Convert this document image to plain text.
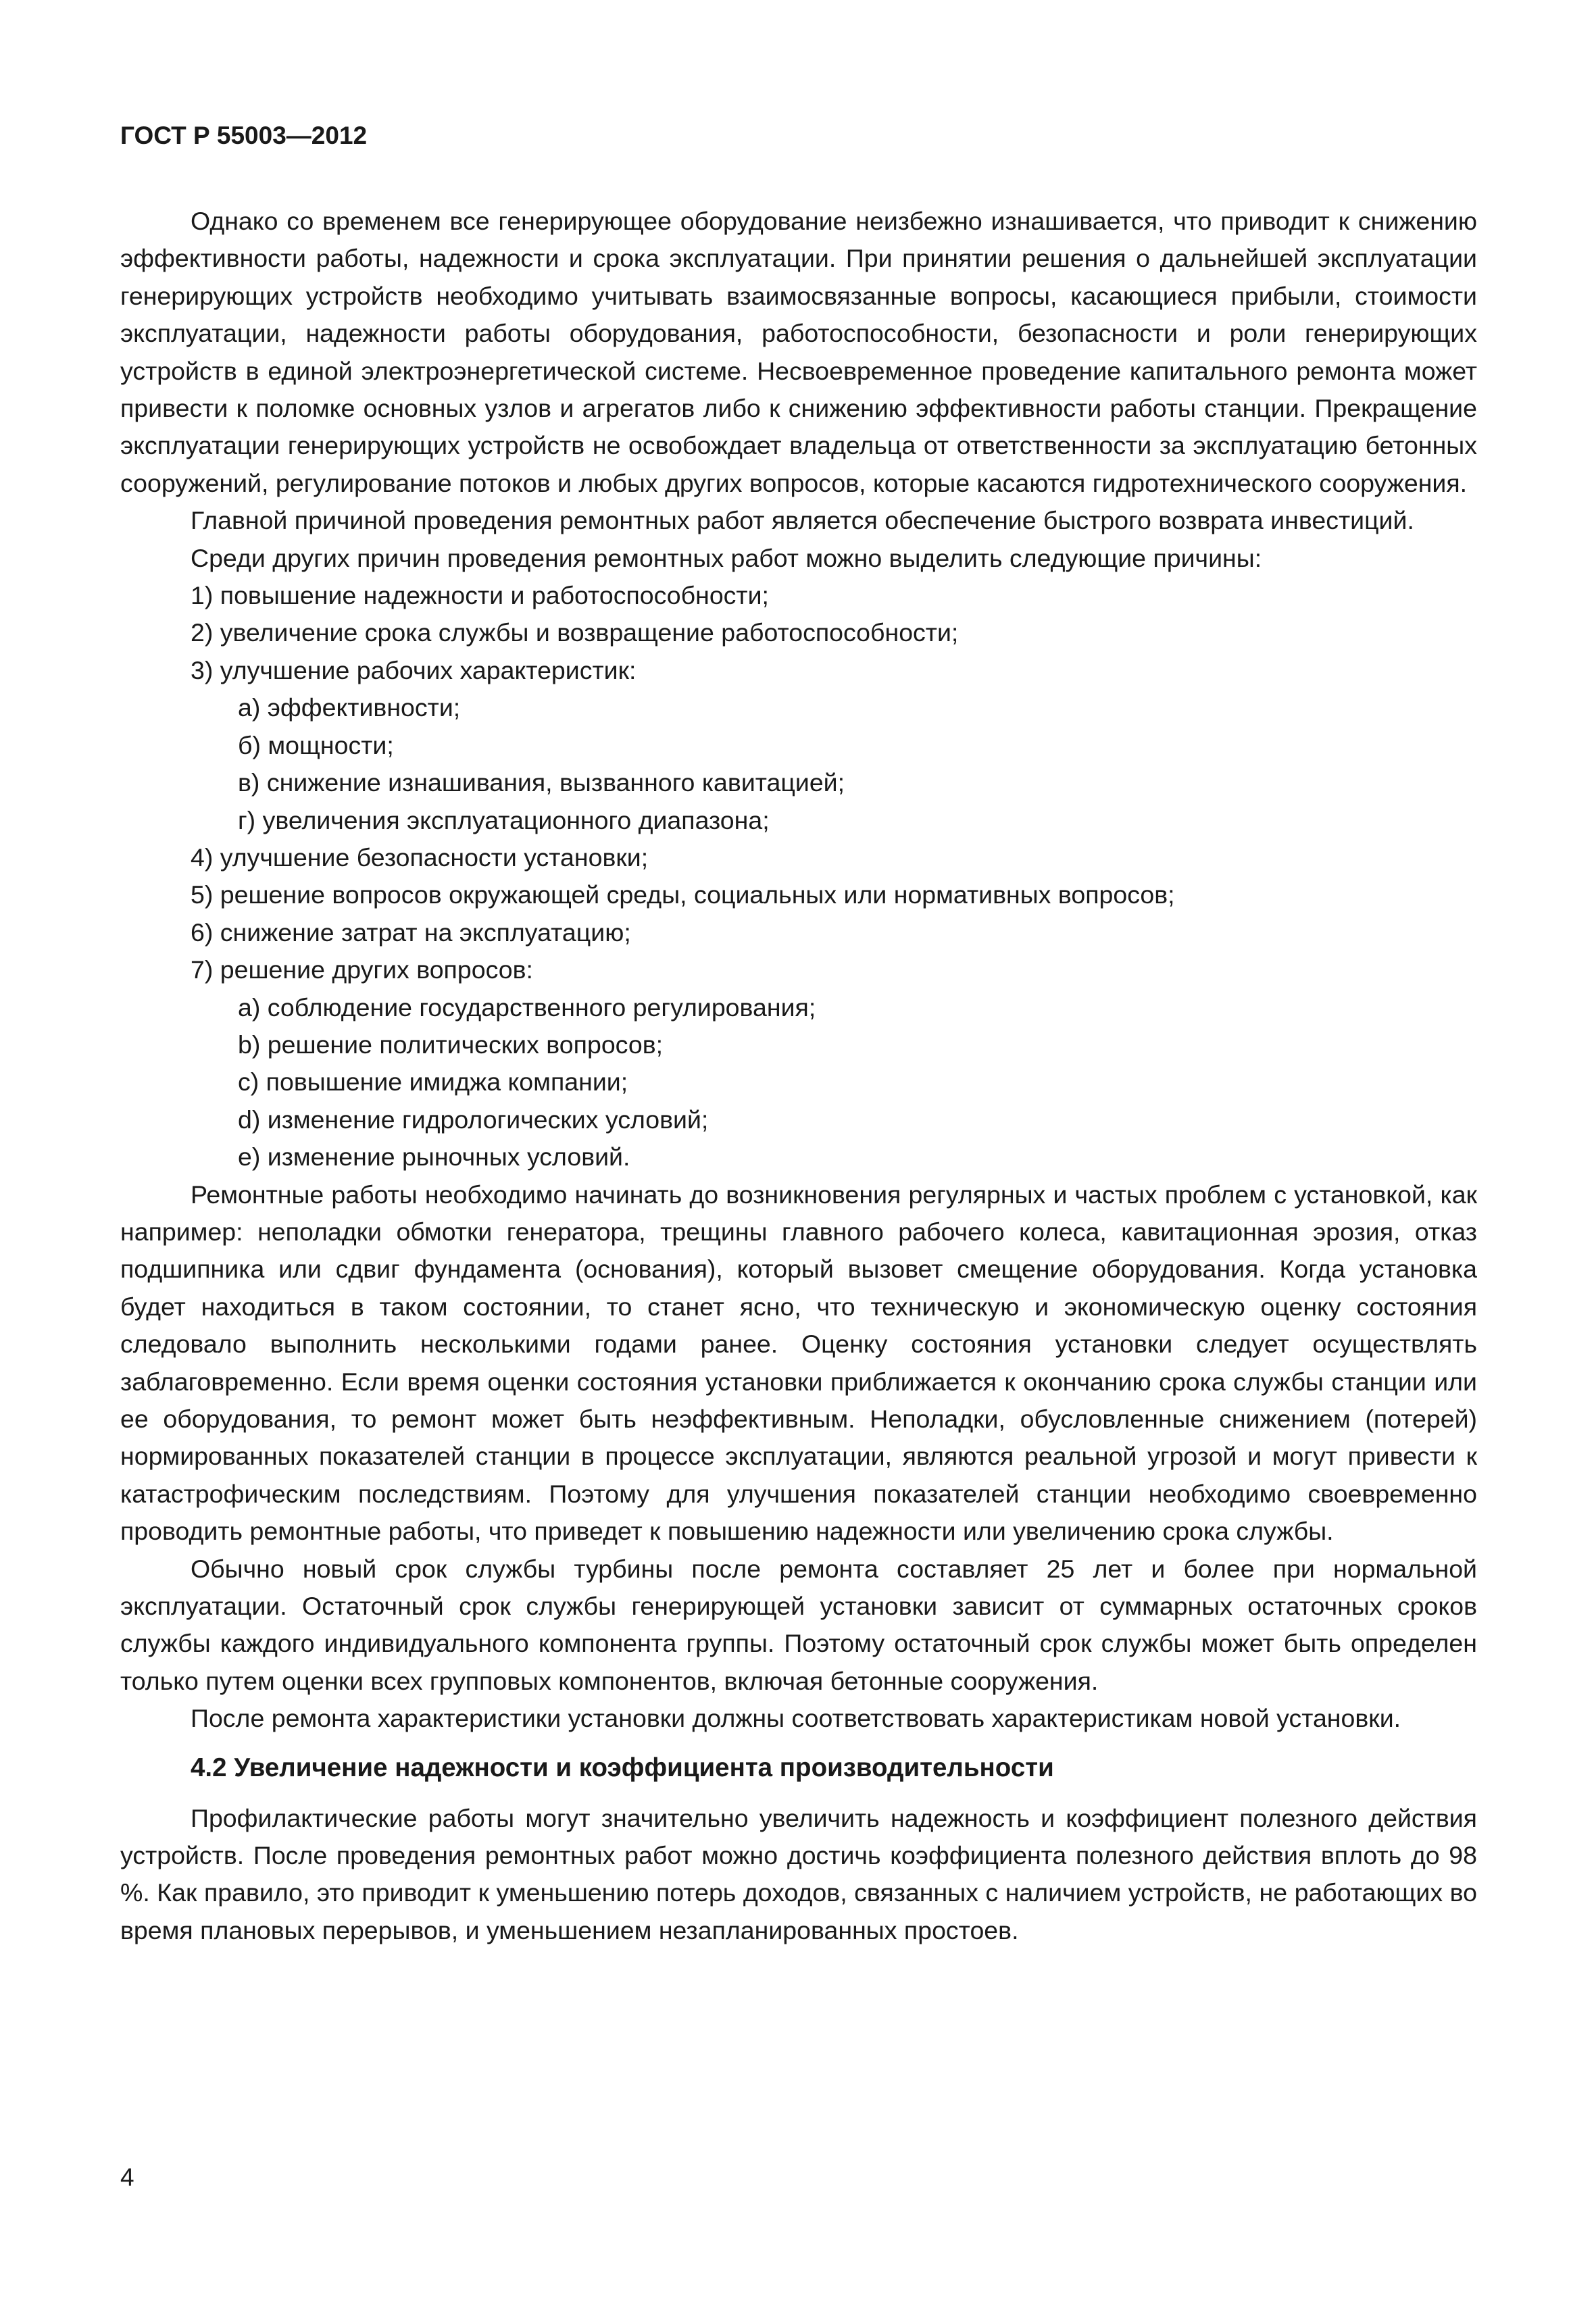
ГОСТ Р 55003—2012

Однако со временем все генерирующее оборудование неизбежно изнашивается, что приводит к снижению эффективности работы, надежности и срока эксплуатации. При принятии решения о дальнейшей эксплуатации генерирующих устройств необходимо учитывать взаимосвязанные вопросы, касающиеся прибыли, стоимости эксплуатации, надежности работы оборудования, работоспособности, безопасности и роли генерирующих устройств в единой электроэнергетической системе. Несвоевременное проведение капитального ремонта может привести к поломке основных узлов и агрегатов либо к снижению эффективности работы станции. Прекращение эксплуатации генерирующих устройств не освобождает владельца от ответственности за эксплуатацию бетонных сооружений, регулирование потоков и любых других вопросов, которые касаются гидротехнического сооружения.

Главной причиной проведения ремонтных работ является обеспечение быстрого возврата инвестиций.

Среди других причин проведения ремонтных работ можно выделить следующие причины:

1) повышение надежности и работоспособности;
2) увеличение срока службы и возвращение работоспособности;
3) улучшение рабочих характеристик:
а) эффективности;
б) мощности;
в) снижение изнашивания, вызванного кавитацией;
г) увеличения эксплуатационного диапазона;
4) улучшение безопасности установки;
5) решение вопросов окружающей среды, социальных или нормативных вопросов;
6) снижение затрат на эксплуатацию;
7) решение других вопросов:
a) соблюдение государственного регулирования;
b) решение политических вопросов;
c) повышение имиджа компании;
d) изменение гидрологических условий;
e) изменение рыночных условий.

Ремонтные работы необходимо начинать до возникновения регулярных и частых проблем с установкой, как например: неполадки обмотки генератора, трещины главного рабочего колеса, кавитационная эрозия, отказ подшипника или сдвиг фундамента (основания), который вызовет смещение оборудования. Когда установка будет находиться в таком состоянии, то станет ясно, что техническую и экономическую оценку состояния следовало выполнить несколькими годами ранее. Оценку состояния установки следует осуществлять заблаговременно. Если время оценки состояния установки приближается к окончанию срока службы станции или ее оборудования, то ремонт может быть неэффективным. Неполадки, обусловленные снижением (потерей) нормированных показателей станции в процессе эксплуатации, являются реальной угрозой и могут привести к катастрофическим последствиям. Поэтому для улучшения показателей станции необходимо своевременно проводить ремонтные работы, что приведет к повышению надежности или увеличению срока службы.

Обычно новый срок службы турбины после ремонта составляет 25 лет и более при нормальной эксплуатации. Остаточный срок службы генерирующей установки зависит от суммарных остаточных сроков службы каждого индивидуального компонента группы. Поэтому остаточный срок службы может быть определен только путем оценки всех групповых компонентов, включая бетонные сооружения.

После ремонта характеристики установки должны соответствовать характеристикам новой установки.

4.2 Увеличение надежности и коэффициента производительности

Профилактические работы могут значительно увеличить надежность и коэффициент полезного действия устройств. После проведения ремонтных работ можно достичь коэффициента полезного действия вплоть до 98 %. Как правило, это приводит к уменьшению потерь доходов, связанных с наличием устройств, не работающих во время плановых перерывов, и уменьшением незапланированных простоев.

4
